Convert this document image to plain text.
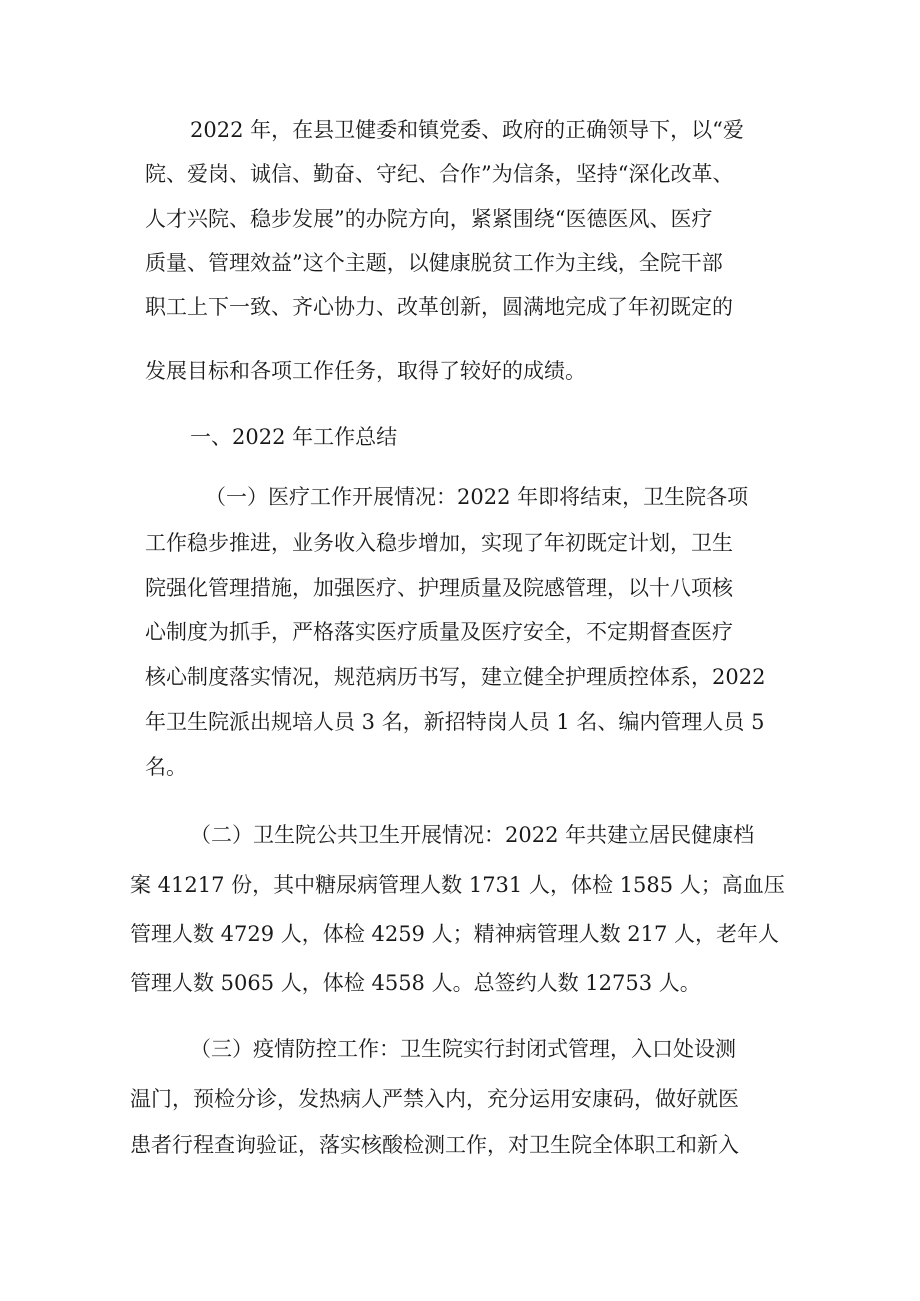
2022 年，在县卫健委和镇党委、政府的正确领导下，以“爱

院、爱岗、诚信、勤奋、守纪、合作”为信条，坚持“深化改革、

人才兴院、稳步发展”的办院方向，紧紧围绕“医德医风、医疗

质量、管理效益”这个主题，以健康脱贫工作为主线，全院干部

职工上下一致、齐心协力、改革创新，圆满地完成了年初既定的

发展目标和各项工作任务，取得了较好的成绩。

一、2022 年工作总结

（一）医疗工作开展情况：2022 年即将结束，卫生院各项

工作稳步推进，业务收入稳步增加，实现了年初既定计划，卫生

院强化管理措施，加强医疗、护理质量及院感管理，以十八项核

心制度为抓手，严格落实医疗质量及医疗安全，不定期督查医疗

核心制度落实情况，规范病历书写，建立健全护理质控体系，2022

年卫生院派出规培人员 3 名，新招特岗人员 1 名、编内管理人员 5

名。

（二）卫生院公共卫生开展情况：2022 年共建立居民健康档

案 41217 份，其中糖尿病管理人数 1731 人，体检 1585 人；高血压

管理人数 4729 人，体检 4259 人；精神病管理人数 217 人，老年人

管理人数 5065 人，体检 4558 人。总签约人数 12753 人。

（三）疫情防控工作：卫生院实行封闭式管理，入口处设测

温门，预检分诊，发热病人严禁入内，充分运用安康码，做好就医

患者行程查询验证，落实核酸检测工作，对卫生院全体职工和新入
